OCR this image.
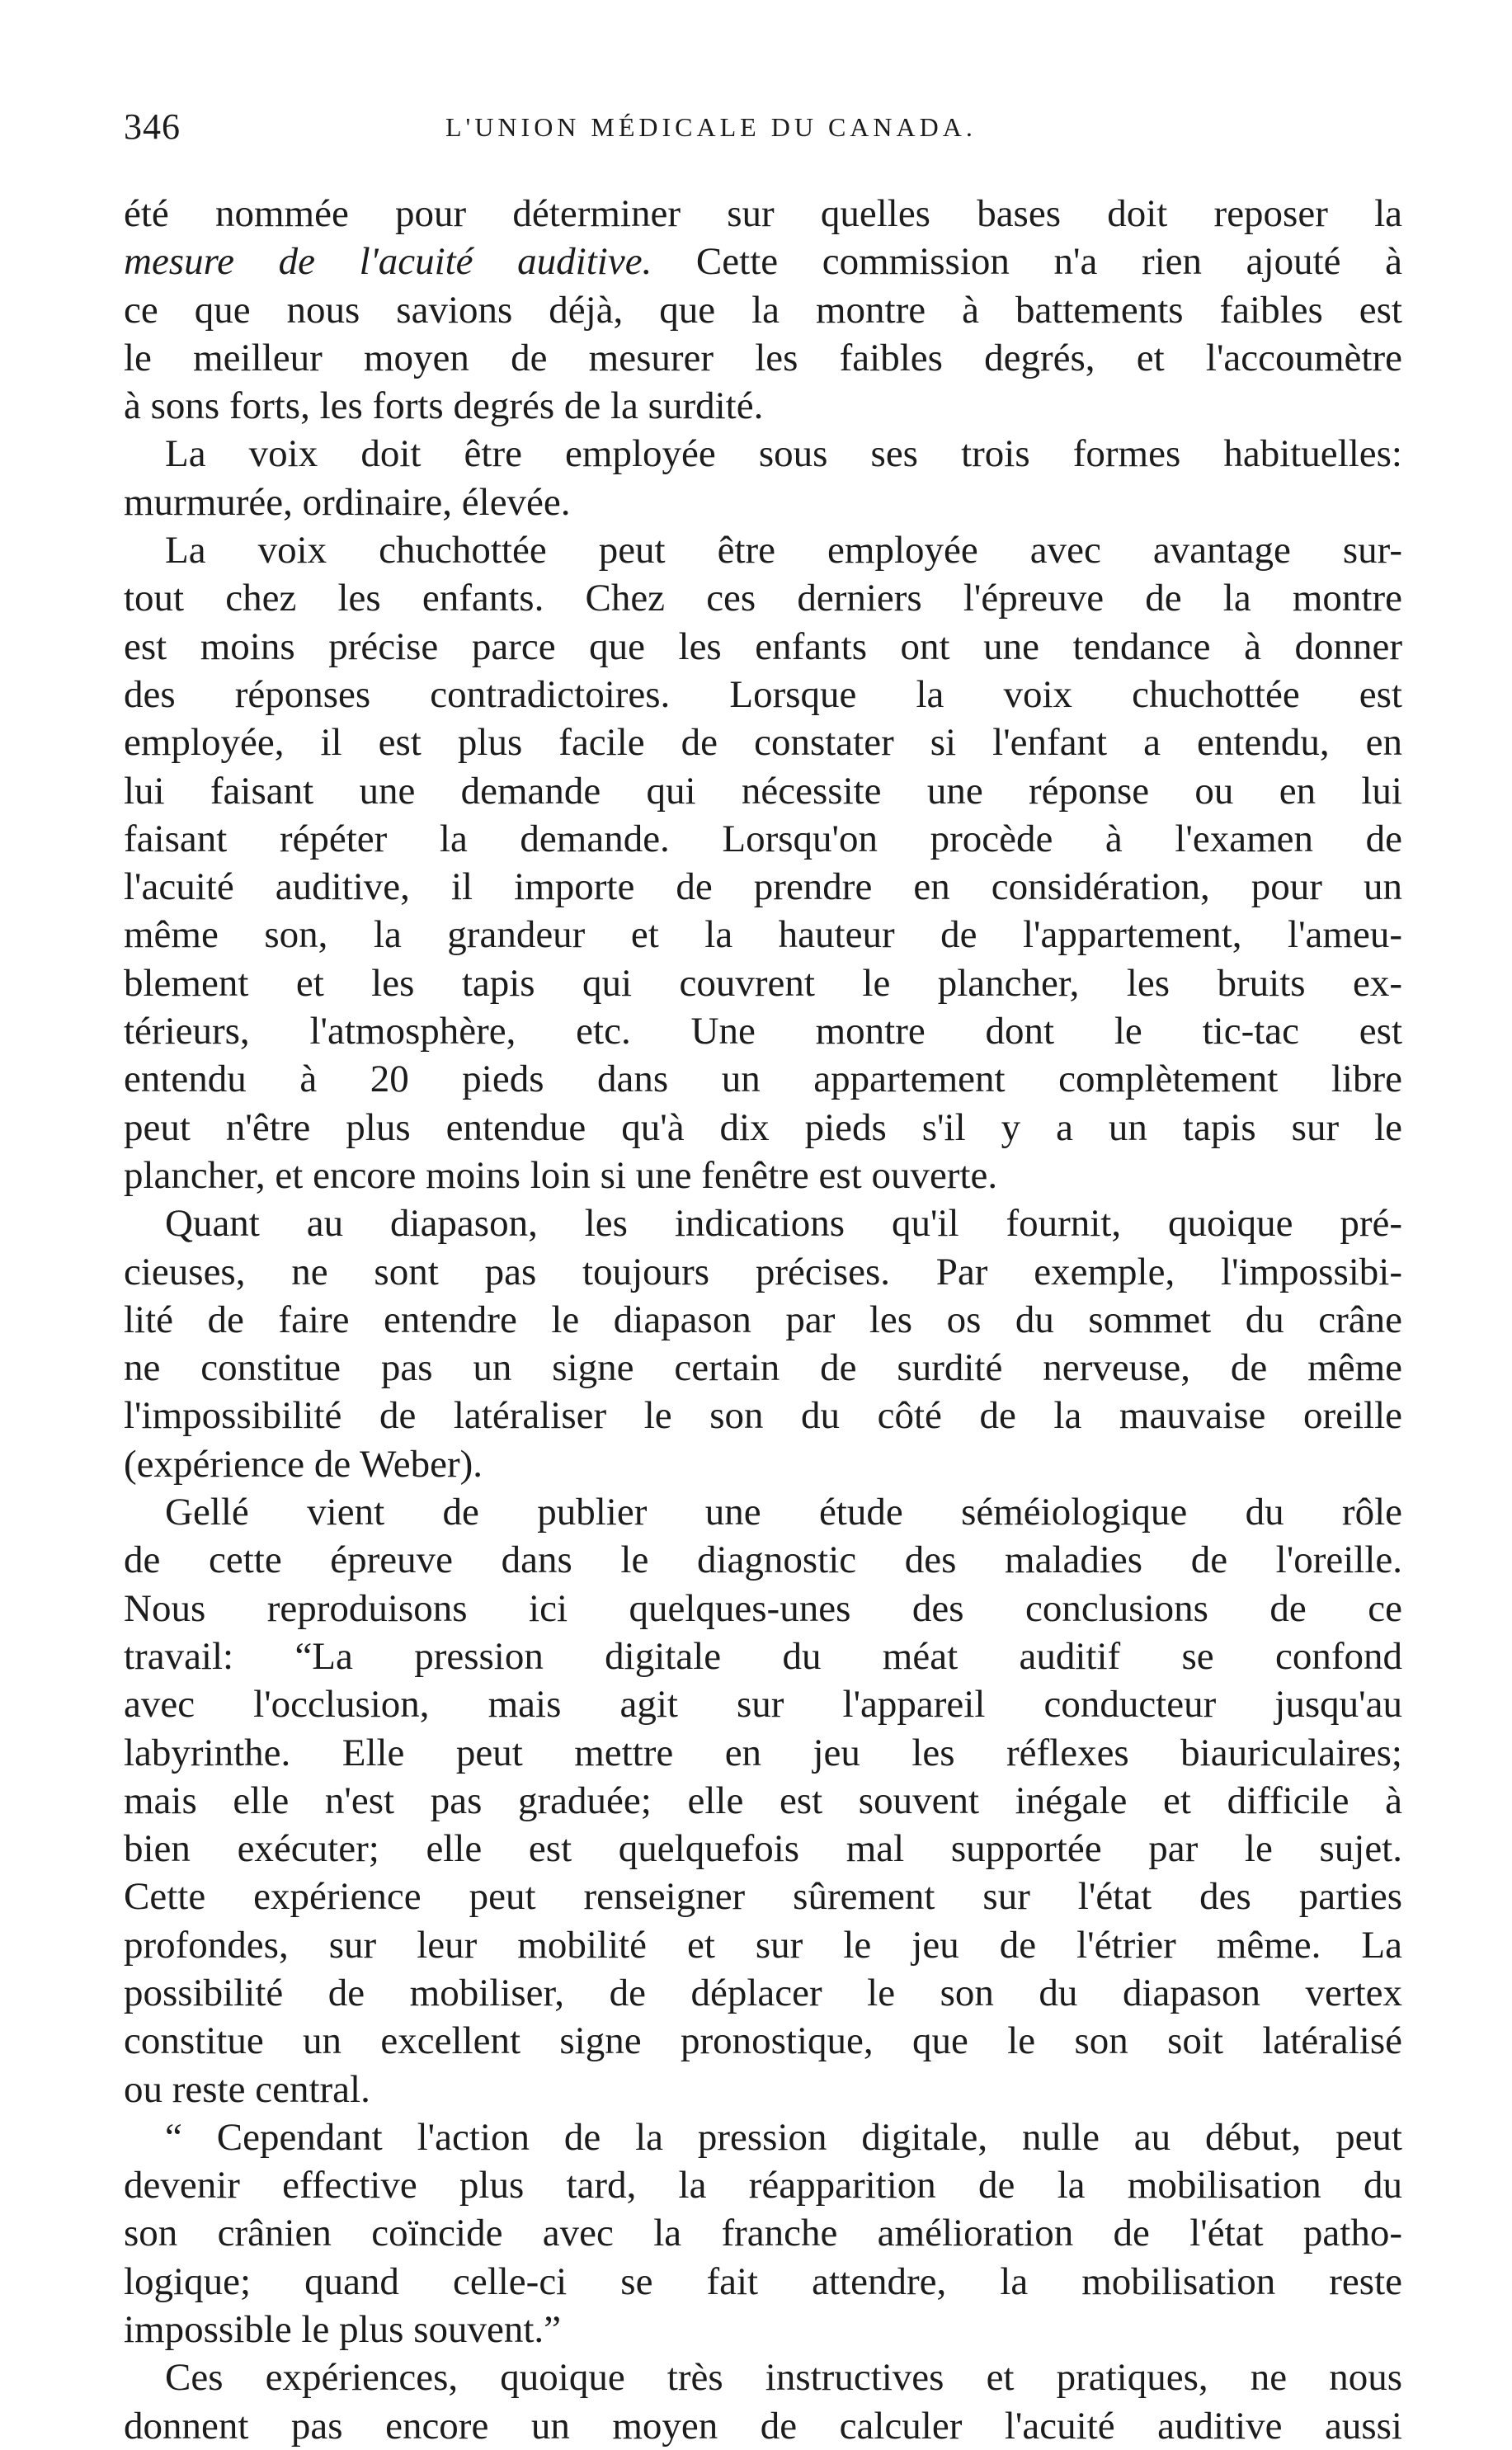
346	L'UNION MÉDICALE DU CANADA.
été nommée pour déterminer sur quelles bases doit reposer la
mesure de l'acuité auditive. Cette commission n'a rien ajouté à
ce que nous savions déjà, que la montre à battements faibles est
le meilleur moyen de mesurer les faibles degrés, et l'accoumètre
à sons forts, les forts degrés de la surdité.
La voix doit être employée sous ses trois formes habituelles:
murmurée, ordinaire, élevée.
La voix chuchottée peut être employée avec avantage sur-
tout chez les enfants. Chez ces derniers l'épreuve de la montre
est moins précise parce que les enfants ont une tendance à donner
des réponses contradictoires. Lorsque la voix chuchottée est
employée, il est plus facile de constater si l'enfant a entendu, en
lui faisant une demande qui nécessite une réponse ou en lui
faisant répéter la demande. Lorsqu'on procède à l'examen de
l'acuité auditive, il importe de prendre en considération, pour un
même son, la grandeur et la hauteur de l'appartement, l'ameu-
blement et les tapis qui couvrent le plancher, les bruits ex-
térieurs, l'atmosphère, etc. Une montre dont le tic-tac est
entendu à 20 pieds dans un appartement complètement libre
peut n'être plus entendue qu'à dix pieds s'il y a un tapis sur le
plancher, et encore moins loin si une fenêtre est ouverte.
Quant au diapason, les indications qu'il fournit, quoique pré-
cieuses, ne sont pas toujours précises. Par exemple, l'impossibi-
lité de faire entendre le diapason par les os du sommet du crâne
ne constitue pas un signe certain de surdité nerveuse, de même
l'impossibilité de latéraliser le son du côté de la mauvaise oreille
(expérience de Weber).
Gellé vient de publier une étude séméiologique du rôle
de cette épreuve dans le diagnostic des maladies de l'oreille.
Nous reproduisons ici quelques-unes des conclusions de ce
travail: “La pression digitale du méat auditif se confond
avec l'occlusion, mais agit sur l'appareil conducteur jusqu'au
labyrinthe. Elle peut mettre en jeu les réflexes biauriculaires;
mais elle n'est pas graduée; elle est souvent inégale et difficile à
bien exécuter; elle est quelquefois mal supportée par le sujet.
Cette expérience peut renseigner sûrement sur l'état des parties
profondes, sur leur mobilité et sur le jeu de l'étrier même. La
possibilité de mobiliser, de déplacer le son du diapason vertex
constitue un excellent signe pronostique, que le son soit latéralisé
ou reste central.
“ Cependant l'action de la pression digitale, nulle au début, peut
devenir effective plus tard, la réapparition de la mobilisation du
son crânien coïncide avec la franche amélioration de l'état patho-
logique; quand celle-ci se fait attendre, la mobilisation reste
impossible le plus souvent.”
Ces expériences, quoique très instructives et pratiques, ne nous
donnent pas encore un moyen de calculer l'acuité auditive aussi
